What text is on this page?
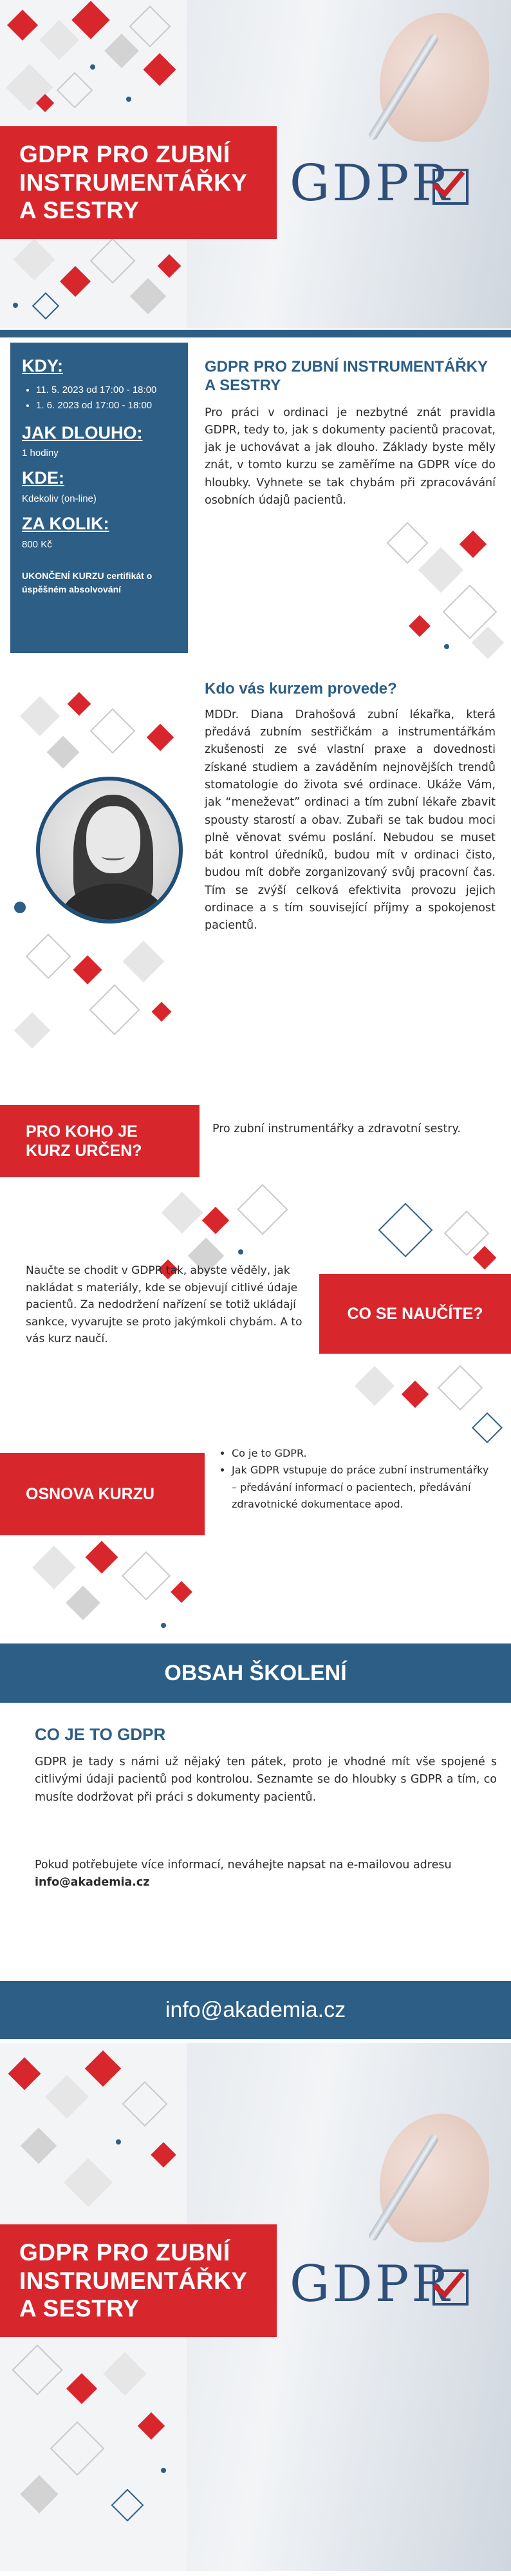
GDPR
GDPR PRO ZUBNÍ
INSTRUMENTÁŘKY
A SESTRY
KDY:
• 11. 5. 2023 od 17:00 - 18:00
• 1. 6. 2023 od 17:00 - 18:00
JAK DLOUHO:
1 hodiny
KDE:
Kdekoliv (on-line)
ZA KOLIK:
800 Kč
UKONČENÍ KURZU certifikát o úspěšném absolvování
GDPR PRO ZUBNÍ INSTRUMENTÁŘKY A SESTRY

Pro práci v ordinaci je nezbytné znát pravidla GDPR, tedy to, jak s dokumenty pacientů pracovat, jak je uchovávat a jak dlouho. Základy byste měly znát, v tomto kurzu se zaměříme na GDPR více do hloubky. Vyhnete se tak chybám při zpracovávání osobních údajů pacientů.

Kdo vás kurzem provede?

MDDr. Diana Drahošová zubní lékařka, která předává zubním sestřičkám a instrumentářkám zkušenosti ze své vlastní praxe a dovednosti získané studiem a zaváděním nejnovějších trendů stomatologie do života své ordinace. Ukáže Vám, jak “meneževat” ordinaci a tím zubní lékaře zbavit spousty starostí a obav. Zubaři se tak budou moci plně věnovat svému poslání. Nebudou se muset bát kontrol úředníků, budou mít v ordinaci čisto, budou mít dobře zorganizovaný svůj pracovní čas. Tím se zvýší celková efektivita provozu jejich ordinace a s tím související příjmy a spokojenost pacientů.

PRO KOHO JE KURZ URČEN?

Pro zubní instrumentářky a zdravotní sestry.

Naučte se chodit v GDPR tak, abyste věděly, jak nakládat s materiály, kde se objevují citlivé údaje pacientů. Za nedodržení nařízení se totiž ukládají sankce, vyvarujte se proto jakýmkoli chybám. A to vás kurz naučí.

CO SE NAUČÍTE?
OSNOVA KURZU
• Co je to GDPR.
• Jak GDPR vstupuje do práce zubní instrumentářky – předávání informací o pacientech, předávání zdravotnické dokumentace apod.
OBSAH ŠKOLENÍ
CO JE TO GDPR

GDPR je tady s námi už nějaký ten pátek, proto je vhodné mít vše spojené s citlivými údaji pacientů pod kontrolou. Seznamte se do hloubky s GDPR a tím, co musíte dodržovat při práci s dokumenty pacientů.

Pokud potřebujete více informací, neváhejte napsat na e-mailovou adresu info@akademia.cz

info@akademia.cz
GDPR
GDPR PRO ZUBNÍ
INSTRUMENTÁŘKY
A SESTRY
